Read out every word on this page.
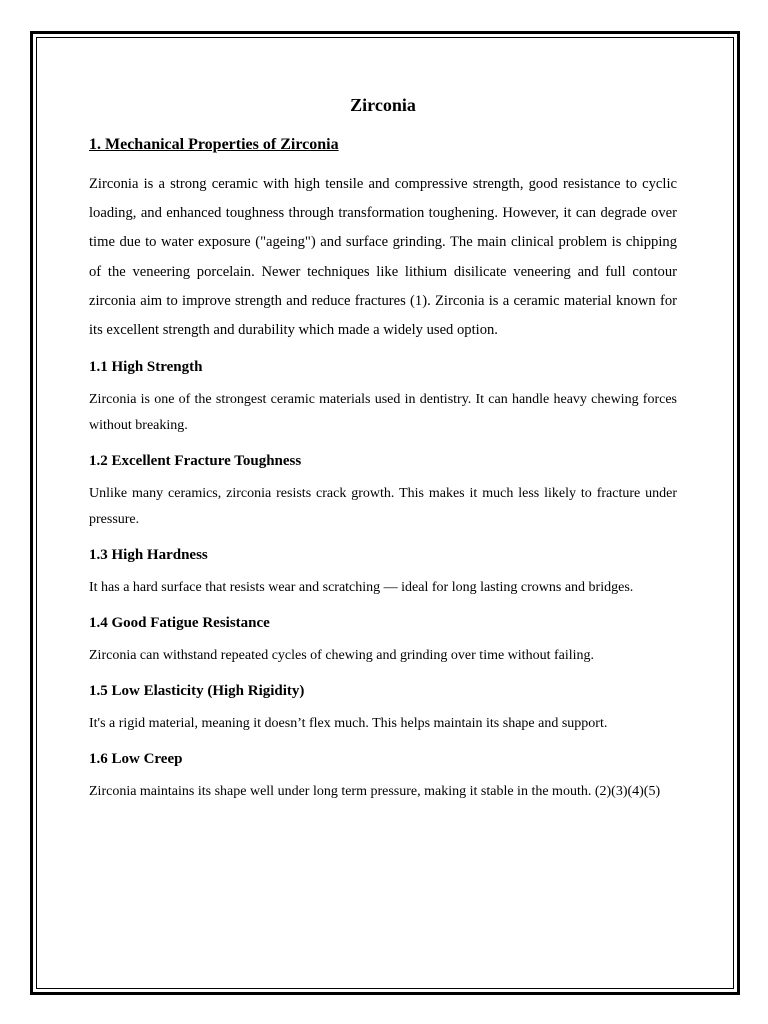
Zirconia
1. Mechanical Properties of Zirconia

Zirconia is a strong ceramic with high tensile and compressive strength, good resistance to cyclic loading, and enhanced toughness through transformation toughening. However, it can degrade over time due to water exposure ("ageing") and surface grinding. The main clinical problem is chipping of the veneering porcelain. Newer techniques like lithium disilicate veneering and full contour zirconia aim to improve strength and reduce fractures (1). Zirconia is a ceramic material known for its excellent strength and durability which made a widely used option.

1.1 High Strength

Zirconia is one of the strongest ceramic materials used in dentistry. It can handle heavy chewing forces without breaking.

1.2 Excellent Fracture Toughness

Unlike many ceramics, zirconia resists crack growth. This makes it much less likely to fracture under pressure.

1.3 High Hardness

It has a hard surface that resists wear and scratching — ideal for long lasting crowns and bridges.

1.4 Good Fatigue Resistance

Zirconia can withstand repeated cycles of chewing and grinding over time without failing.

1.5 Low Elasticity (High Rigidity)

It's a rigid material, meaning it doesn’t flex much. This helps maintain its shape and support.

1.6 Low Creep

Zirconia maintains its shape well under long term pressure, making it stable in the mouth. (2)(3)(4)(5)
